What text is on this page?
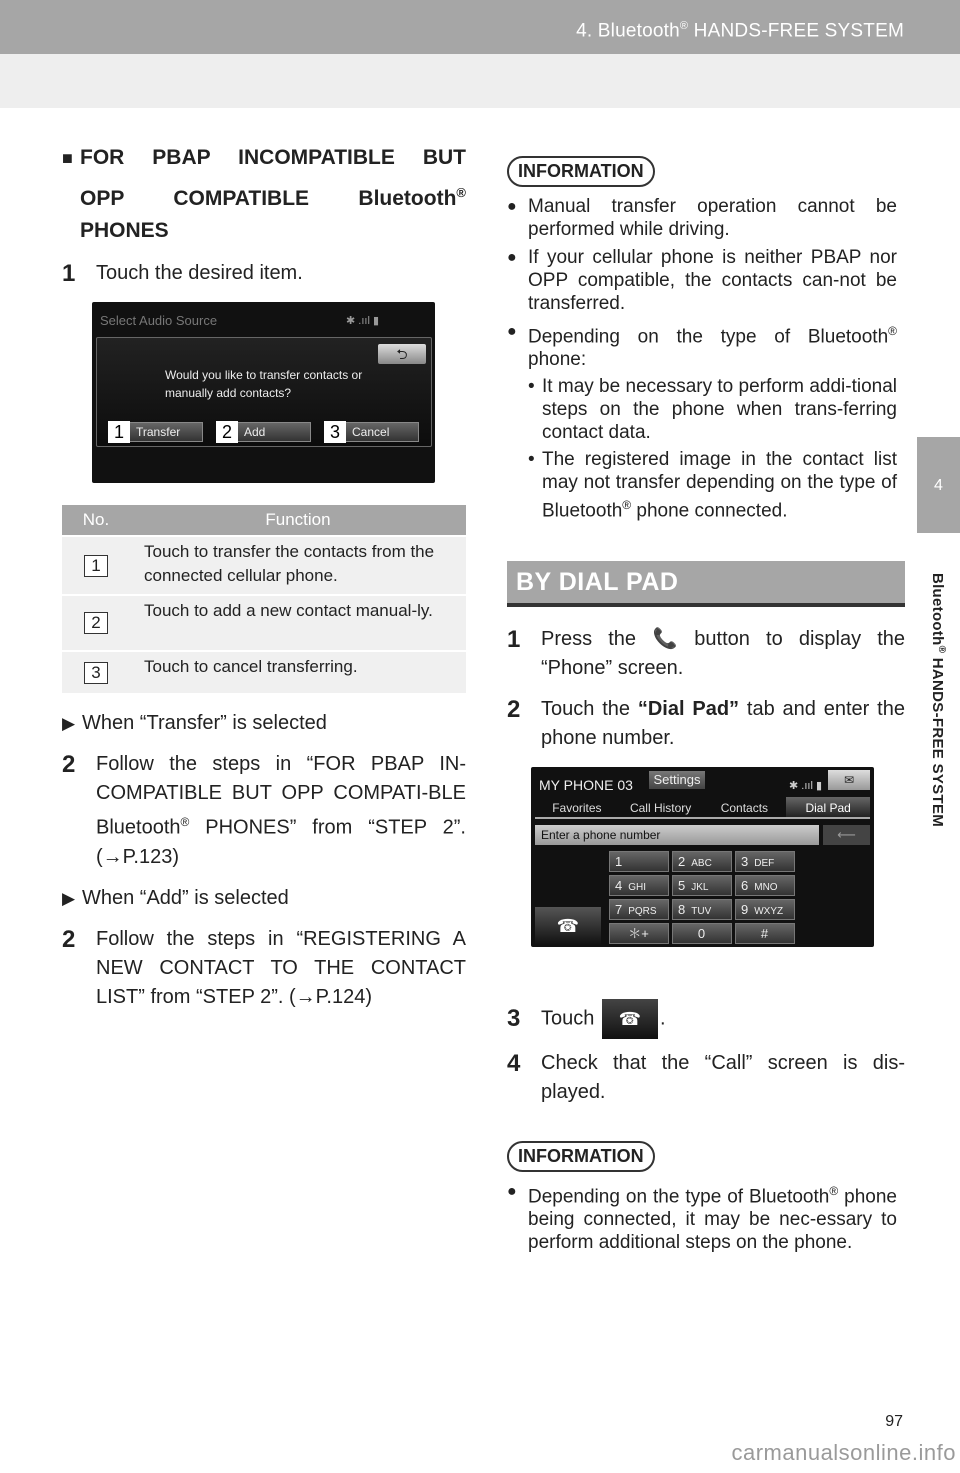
4. Bluetooth® HANDS-FREE SYSTEM
4
Bluetooth® HANDS-FREE SYSTEM
■ FOR PBAP INCOMPATIBLE BUT
OPP COMPATIBLE Bluetooth®
PHONES
1	Touch the desired item.
Select Audio Source	✱ .ııl ▮
⮌
Would you like to transfer contacts or manually add contacts?
1	Transfer	2	Add	3	Cancel
No.	Function
1	Touch to transfer the contacts from the connected cellular phone.
2	Touch to add a new contact manual-ly.
3	Touch to cancel transferring.
▶ When “Transfer” is selected
2	Follow the steps in “FOR PBAP IN-COMPATIBLE BUT OPP COMPATI-BLE Bluetooth® PHONES” from “STEP 2”. (→P.123)
▶ When “Add” is selected
2	Follow the steps in “REGISTERING A NEW CONTACT TO THE CONTACT LIST” from “STEP 2”. (→P.124)
INFORMATION
● Manual transfer operation cannot be performed while driving.
● If your cellular phone is neither PBAP nor OPP compatible, the contacts can-not be transferred.
● Depending on the type of Bluetooth® phone:
• It may be necessary to perform addi-tional steps on the phone when trans-ferring contact data.
• The registered image in the contact list may not transfer depending on the type of Bluetooth® phone connected.
BY DIAL PAD
1	Press the 📞 button to display the “Phone” screen.
2	Touch the “Dial Pad” tab and enter the phone number.
MY PHONE 03	Settings	✱ .ııl ▮	✉
Favorites	Call History	Contacts	Dial Pad
Enter a phone number	⟵
1	2 ABC	3 DEF
4 GHI	5 JKL	6 MNO
7 PQRS	8 TUV	9 WXYZ
＊+	0	#
☎
3	Touch ☎ .
4	Check that the “Call” screen is dis-played.
INFORMATION
● Depending on the type of Bluetooth® phone being connected, it may be nec-essary to perform additional steps on the phone.
97
carmanualsonline.info
